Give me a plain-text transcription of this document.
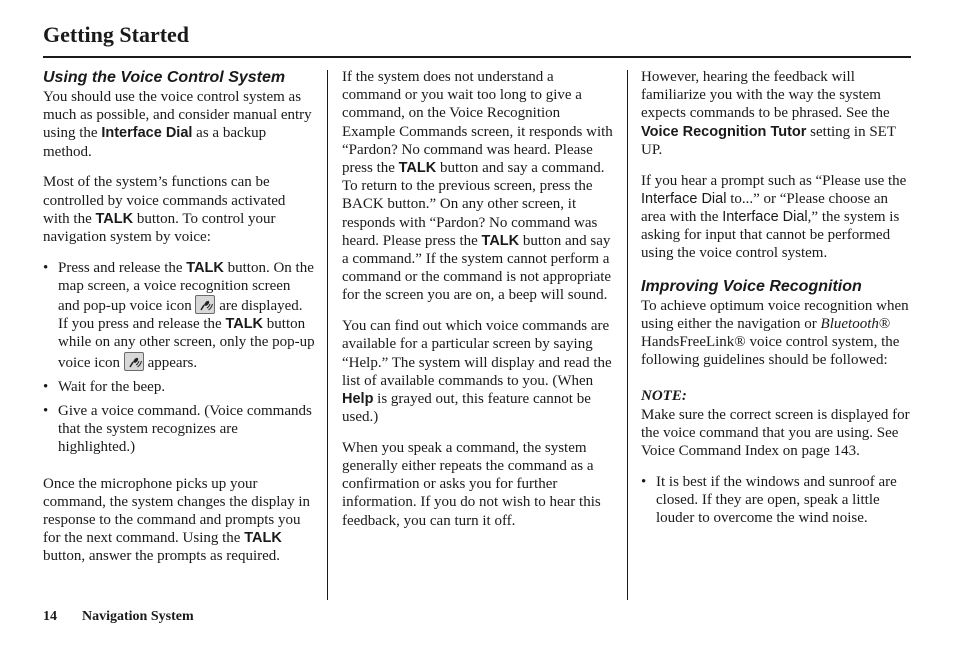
Getting Started
Using the Voice Control System

You should use the voice control system as much as possible, and consider manual entry using the Interface Dial as a backup method.

Most of the system’s functions can be controlled by voice commands activated with the TALK button. To control your navigation system by voice:

• Press and release the TALK button. On the map screen, a voice recognition screen and pop-up voice icon
are displayed. If you press and release the TALK button while on any other screen, only the pop-up voice icon
appears.
• Wait for the beep.
• Give a voice command. (Voice commands that the system recognizes are highlighted.)

Once the microphone picks up your command, the system changes the display in response to the command and prompts you for the next command. Using the TALK button, answer the prompts as required.

If the system does not understand a command or you wait too long to give a command, on the Voice Recognition Example Commands screen, it responds with “Pardon? No command was heard. Please press the TALK button and say a command. To return to the previous screen, press the BACK button.” On any other screen, it responds with “Pardon? No command was heard. Please press the TALK button and say a command.” If the system cannot perform a command or the command is not appropriate for the screen you are on, a beep will sound.

You can find out which voice commands are available for a particular screen by saying “Help.” The system will display and read the list of available commands to you. (When Help is grayed out, this feature cannot be used.)

When you speak a command, the system generally either repeats the command as a confirmation or asks you for further information. If you do not wish to hear this feedback, you can turn it off.

However, hearing the feedback will familiarize you with the way the system expects commands to be phrased. See the Voice Recognition Tutor setting in SET UP.

If you hear a prompt such as “Please use the Interface Dial to...” or “Please choose an area with the Interface Dial,” the system is asking for input that cannot be performed using the voice control system.

Improving Voice Recognition

To achieve optimum voice recognition when using either the navigation or Bluetooth® HandsFreeLink® voice control system, the following guidelines should be followed:

NOTE:

Make sure the correct screen is displayed for the voice command that you are using. See Voice Command Index on page 143.

• It is best if the windows and sunroof are closed. If they are open, speak a little louder to overcome the wind noise.
14 Navigation System
